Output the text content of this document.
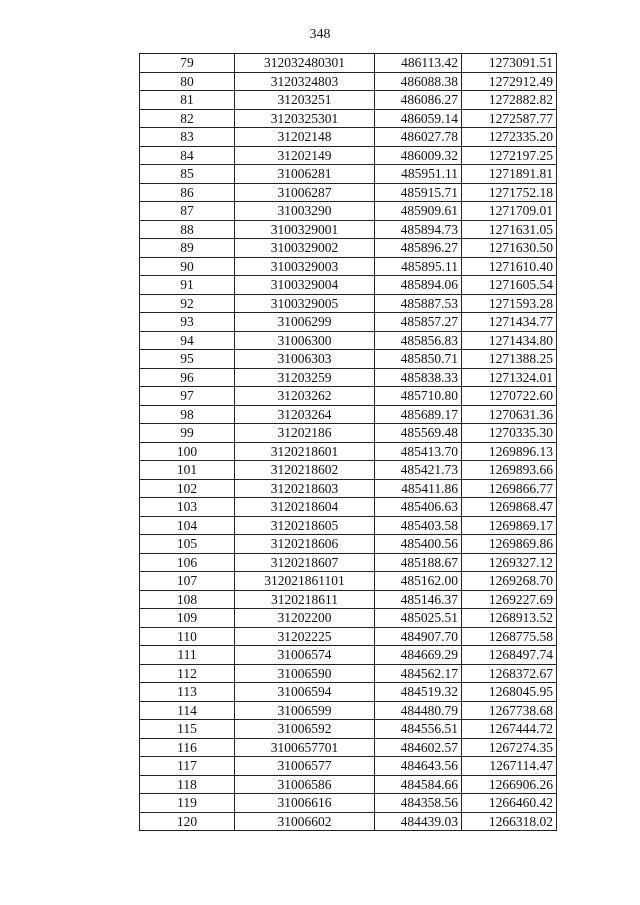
348
79	312032480301	486113.42	1273091.51
80	3120324803	486088.38	1272912.49
81	31203251	486086.27	1272882.82
82	3120325301	486059.14	1272587.77
83	31202148	486027.78	1272335.20
84	31202149	486009.32	1272197.25
85	31006281	485951.11	1271891.81
86	31006287	485915.71	1271752.18
87	31003290	485909.61	1271709.01
88	3100329001	485894.73	1271631.05
89	3100329002	485896.27	1271630.50
90	3100329003	485895.11	1271610.40
91	3100329004	485894.06	1271605.54
92	3100329005	485887.53	1271593.28
93	31006299	485857.27	1271434.77
94	31006300	485856.83	1271434.80
95	31006303	485850.71	1271388.25
96	31203259	485838.33	1271324.01
97	31203262	485710.80	1270722.60
98	31203264	485689.17	1270631.36
99	31202186	485569.48	1270335.30
100	3120218601	485413.70	1269896.13
101	3120218602	485421.73	1269893.66
102	3120218603	485411.86	1269866.77
103	3120218604	485406.63	1269868.47
104	3120218605	485403.58	1269869.17
105	3120218606	485400.56	1269869.86
106	3120218607	485188.67	1269327.12
107	312021861101	485162.00	1269268.70
108	3120218611	485146.37	1269227.69
109	31202200	485025.51	1268913.52
110	31202225	484907.70	1268775.58
111	31006574	484669.29	1268497.74
112	31006590	484562.17	1268372.67
113	31006594	484519.32	1268045.95
114	31006599	484480.79	1267738.68
115	31006592	484556.51	1267444.72
116	3100657701	484602.57	1267274.35
117	31006577	484643.56	1267114.47
118	31006586	484584.66	1266906.26
119	31006616	484358.56	1266460.42
120	31006602	484439.03	1266318.02
